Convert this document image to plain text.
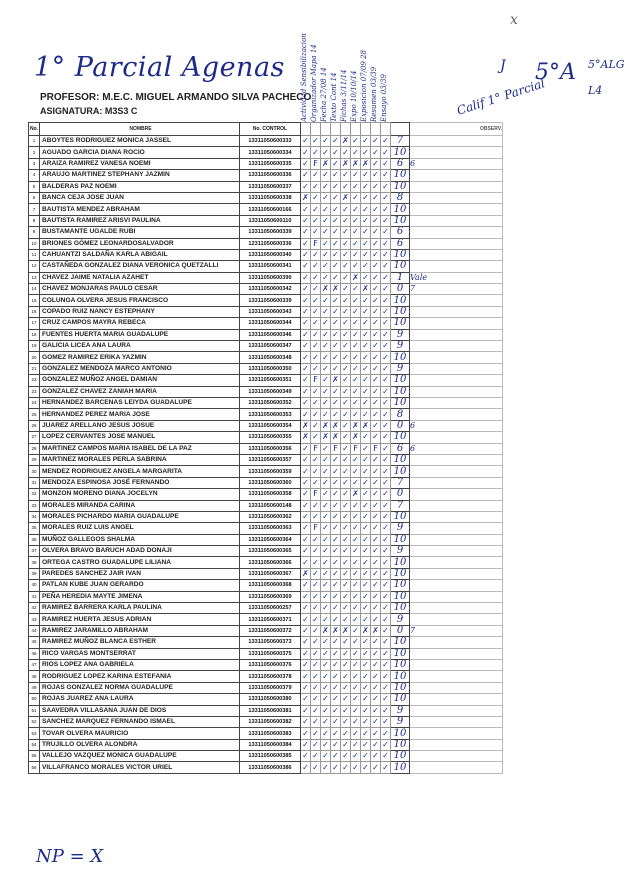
x
1° Parcial Agenas	J 5°A 5°ALG
L4
Calif 1° Parcial
PROFESOR: M.E.C. MIGUEL ARMANDO SILVA PACHECO
ASIGNATURA: M3S3 C	Actividad Sensibilizacion Organizador Mapa 14 Fecha 27/08 14 Texto Cont 14 Fichas 3/11/14 Expo 10/10/14 Exposicion 07/09 28 Resumen 03/39 Ensayo 03/39
No.	NOMBRE	No. CONTROL											OBSERV.
1	ABOYTES RODRIGUEZ MONICA JASSEL	13311050600333	✓	✓	✓	✓	✗	✓	✓	✓	✓	7	
2	AGUADO GARCIA DIANA ROCIO	13311050600334	✓	✓	✓	✓	✓	✓	✓	✓	✓	10	
3	ARAIZA RAMIREZ VANESA NOEMI	13311050600335	✓	F	✗	✓	✗	✗	✗	✓	✓	6	6
4	ARAUJO MARTINEZ STEPHANY JAZMIN	13311050600336	✓	✓	✓	✓	✓	✓	✓	✓	✓	10	
5	BALDERAS PAZ NOEMI	13311050600337	✓	✓	✓	✓	✓	✓	✓	✓	✓	10	
6	BANCA CEJA JOSE JUAN	13311050600338	✗	✓	✓	✓	✗	✓	✓	✓	✓	8	
7	BAUTISTA MENDEZ ABRAHAM	13311050600166	✓	✓	✓	✓	✓	✓	✓	✓	✓	10	
8	BAUTISTA RAMIREZ ARISVI PAULINA	13311050600110	✓	✓	✓	✓	✓	✓	✓	✓	✓	10	
9	BUSTAMANTE UGALDE RUBI	13311050600339	✓	✓	✓	✓	✓	✓	✓	✓	✓	6	
10	BRIONES GÓMEZ LEONARDOSALVADOR	12311050600336	✓	F	✓	✓	✓	✓	✓	✓	✓	6	
11	CAHUANTZI SALDAÑA KARLA ABIGAIL	13311050600340	✓	✓	✓	✓	✓	✓	✓	✓	✓	10	
12	CASTAÑEDA GONZALEZ DIANA VERONICA QUETZALLI	13311050600341	✓	✓	✓	✓	✓	✓	✓	✓	✓	10	
13	CHAVEZ JAIME NATALIA AZAHET	13311050600390	✓	✓	✓	✓	✓	✗	✓	✓	✓	1	Vale
14	CHAVEZ MONJARAS PAULO CESAR	13311050600342	✓	✓	✗	✗	✓	✓	✗	✓	✓	0	7
15	COLUNGA OLVERA JESUS FRANCISCO	13311050600339	✓	✓	✓	✓	✓	✓	✓	✓	✓	10	
16	COPADO RUIZ NANCY ESTEPHANY	13311050600343	✓	✓	✓	✓	✓	✓	✓	✓	✓	10	
17	CRUZ CAMPOS MAYRA REBECA	13311050600344	✓	✓	✓	✓	✓	✓	✓	✓	✓	10	
18	FUENTES HUERTA MARIA GUADALUPE	13311050600346	✓	✓	✓	✓	✓	✓	✓	✓	✓	9	
19	GALICIA LICEA ANA LAURA	13311050600347	✓	✓	✓	✓	✓	✓	✓	✓	✓	9	
20	GOMEZ RAMIREZ ERIKA YAZMIN	13311050600348	✓	✓	✓	✓	✓	✓	✓	✓	✓	10	
21	GONZALEZ MENDOZA MARCO ANTONIO	13311050600350	✓	✓	✓	✓	✓	✓	✓	✓	✓	9	
22	GONZALEZ MUÑOZ ANGEL DAMIAN	13311050600351	✓	F	✓	✗	✓	✓	✓	✓	✓	10	
23	GONZALEZ CHAVEZ ZANIAH MARIA	13311050600349	✓	✓	✓	✓	✓	✓	✓	✓	✓	10	
24	HERNANDEZ BARCENAS LEIYDA GUADALUPE	13311050600352	✓	✓	✓	✓	✓	✓	✓	✓	✓	10	
25	HERNANDEZ PEREZ MARIA JOSE	13311050600353	✓	✓	✓	✓	✓	✓	✓	✓	✓	8	
26	JUAREZ ARELLANO JESUS JOSUE	13311050600354	✗	✓	✗	✗	✓	✗	✗	✓	✓	0	6
27	LOPEZ CERVANTES JOSE MANUEL	13311050600355	✗	✓	✗	✗	✓	✗	✓	✓	✓	10	
28	MARTINEZ CAMPOS MARIA ISABEL DE LA PAZ	13311050600356	✓	F	✓	F	✓	F	✓	F	✓	6	6
29	MARTINEZ MORALES PERLA SABRINA	13311050600357	✓	✓	✓	✓	✓	✓	✓	✓	✓	10	
30	MENDEZ RODRIGUEZ ANGELA MARGARITA	13311050600359	✓	✓	✓	✓	✓	✓	✓	✓	✓	10	
31	MENDOZA ESPINOSA JOSÉ FERNANDO	13311050600360	✓	✓	✓	✓	✓	✓	✓	✓	✓	7	
32	MONZON MORENO DIANA JOCELYN	13311050600358	✓	F	✓	✓	✓	✗	✓	✓	✓	0	
33	MORALES MIRANDA CARINA	13311050600148	✓	✓	✓	✓	✓	✓	✓	✓	✓	7	
34	MORALES PICHARDO MARIA GUADALUPE	13311050600362	✓	✓	✓	✓	✓	✓	✓	✓	✓	10	
35	MORALES RUIZ LUIS ANGEL	13311050600363	✓	F	✓	✓	✓	✓	✓	✓	✓	9	
36	MUÑOZ GALLEGOS SHALMA	13311050600364	✓	✓	✓	✓	✓	✓	✓	✓	✓	10	
37	OLVERA BRAVO BARUCH ADAD DONAJI	13311050600365	✓	✓	✓	✓	✓	✓	✓	✓	✓	9	
38	ORTEGA CASTRO GUADALUPE LILIANA	13311050600366	✓	✓	✓	✓	✓	✓	✓	✓	✓	10	
39	PAREDES SANCHEZ JAIR IVAN	13311050600367	✗	✓	✓	✓	✓	✓	✓	✓	✓	10	
40	PATLAN KUBE JUAN GERARDO	13311050600368	✓	✓	✓	✓	✓	✓	✓	✓	✓	10	
41	PEÑA HEREDIA MAYTE JIMENA	13311050600369	✓	✓	✓	✓	✓	✓	✓	✓	✓	10	
42	RAMIREZ BARRERA KARLA PAULINA	13311050600257	✓	✓	✓	✓	✓	✓	✓	✓	✓	10	
43	RAMIREZ HUERTA JESUS ADRIAN	13311050600371	✓	✓	✓	✓	✓	✓	✓	✓	✓	9	
44	RAMIREZ JARAMILLO ABRAHAM	13311050600372	✓	✓	✗	✗	✗	✓	✗	✗	✓	0	7
45	RAMIREZ MUÑOZ BLANCA ESTHER	13311050600373	✓	✓	✓	✓	✓	✓	✓	✓	✓	10	
46	RICO VARGAS MONTSERRAT	13311050600375	✓	✓	✓	✓	✓	✓	✓	✓	✓	10	
47	RIOS LOPEZ ANA GABRIELA	13311050600376	✓	✓	✓	✓	✓	✓	✓	✓	✓	10	
48	RODRIGUEZ LOPEZ KARINA ESTEFANIA	13311050600378	✓	✓	✓	✓	✓	✓	✓	✓	✓	10	
49	ROJAS GONZALEZ NORMA GUADALUPE	13311050600379	✓	✓	✓	✓	✓	✓	✓	✓	✓	10	
50	ROJAS JUAREZ ANA LAURA	13311050600380	✓	✓	✓	✓	✓	✓	✓	✓	✓	10	
51	SAAVEDRA VILLASANA JUAN DE DIOS	13311050600381	✓	✓	✓	✓	✓	✓	✓	✓	✓	9	
52	SANCHEZ MARQUEZ FERNANDO ISMAEL	13311050600382	✓	✓	✓	✓	✓	✓	✓	✓	✓	9	
53	TOVAR OLVERA MAURICIO	13311050600383	✓	✓	✓	✓	✓	✓	✓	✓	✓	10	
54	TRUJILLO OLVERA ALONDRA	13311050600384	✓	✓	✓	✓	✓	✓	✓	✓	✓	10	
55	VALLEJO VAZQUEZ MONICA GUADALUPE	13311050600385	✓	✓	✓	✓	✓	✓	✓	✓	✓	10	
56	VILLAFRANCO MORALES VICTOR URIEL	13311050600386	✓	✓	✓	✓	✓	✓	✓	✓	✓	10	
NP = X
